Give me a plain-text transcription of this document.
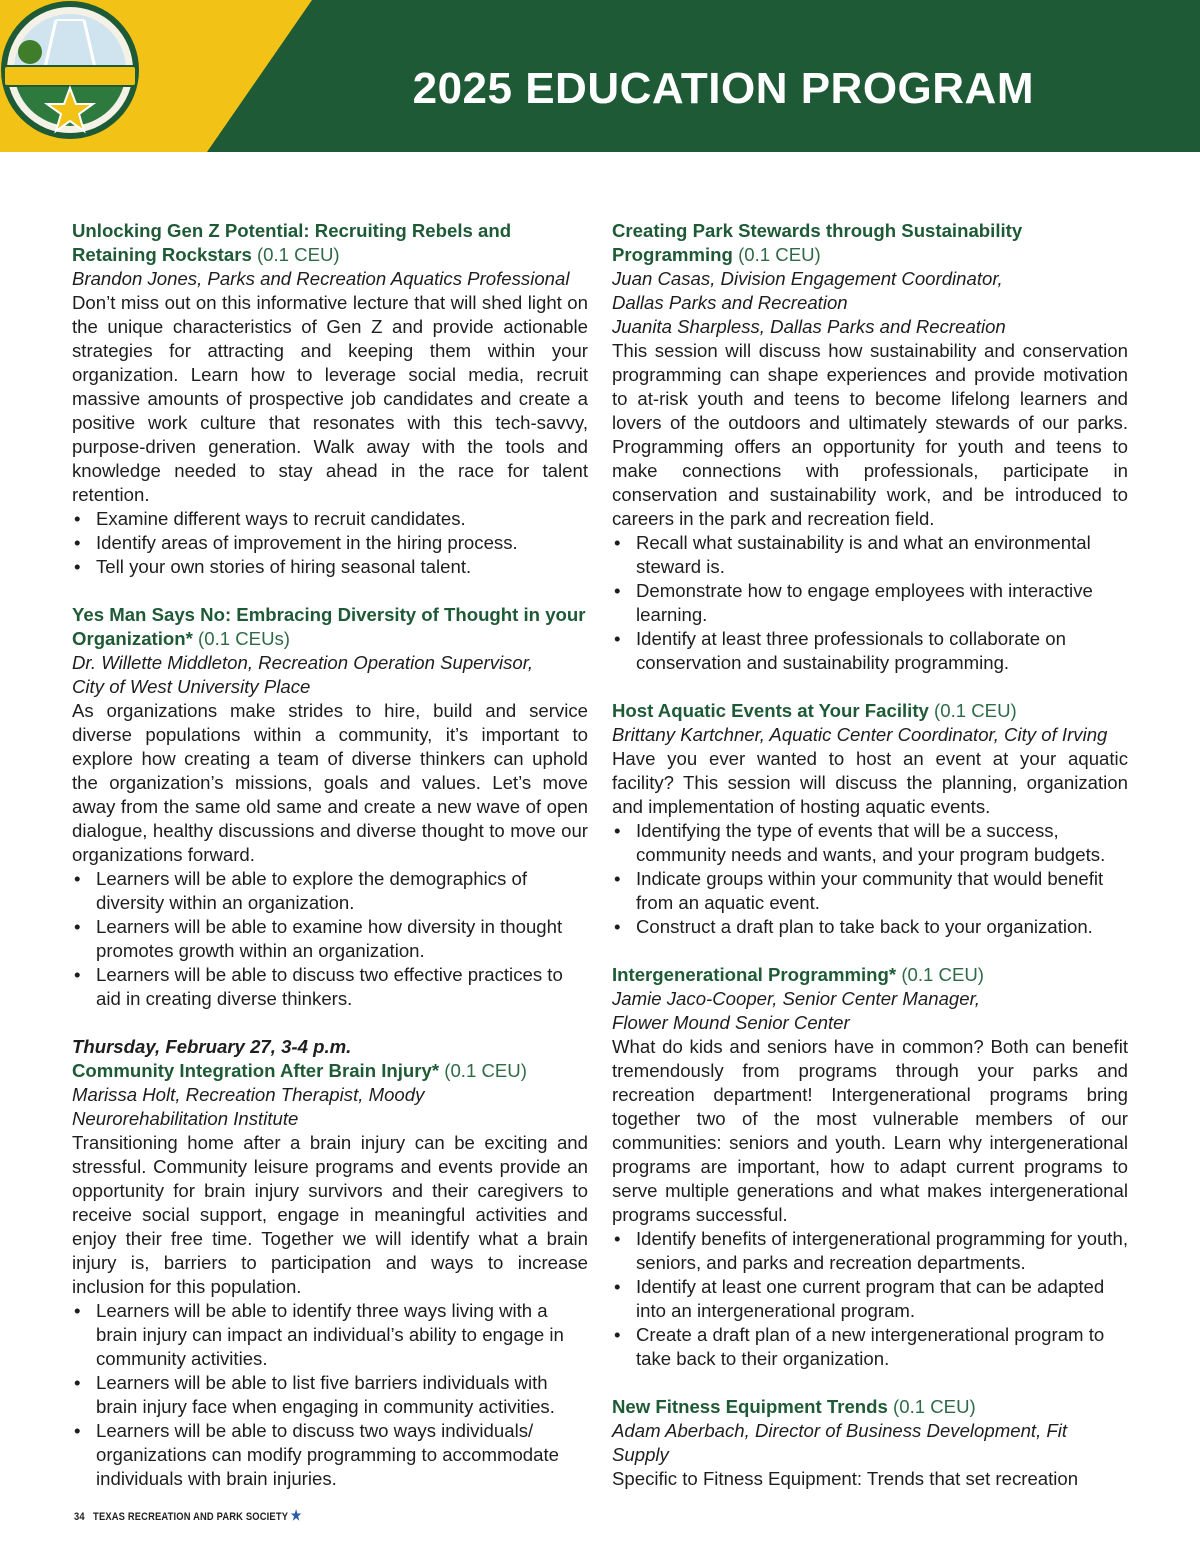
2025 EDUCATION PROGRAM
Unlocking Gen Z Potential: Recruiting Rebels and Retaining Rockstars (0.1 CEU)

Brandon Jones, Parks and Recreation Aquatics Professional

Don’t miss out on this informative lecture that will shed light on the unique characteristics of Gen Z and provide actionable strategies for attracting and keeping them within your organization. Learn how to leverage social media, recruit massive amounts of prospective job candidates and create a positive work culture that resonates with this tech-savvy, purpose-driven generation. Walk away with the tools and knowledge needed to stay ahead in the race for talent retention.

• Examine different ways to recruit candidates.
• Identify areas of improvement in the hiring process.
• Tell your own stories of hiring seasonal talent.
Yes Man Says No: Embracing Diversity of Thought in your Organization* (0.1 CEUs)

Dr. Willette Middleton, Recreation Operation Supervisor,

City of West University Place

As organizations make strides to hire, build and service diverse populations within a community, it’s important to explore how creating a team of diverse thinkers can uphold the organization’s missions, goals and values. Let’s move away from the same old same and create a new wave of open dialogue, healthy discussions and diverse thought to move our organizations forward.

• Learners will be able to explore the demographics of diversity within an organization.
• Learners will be able to examine how diversity in thought promotes growth within an organization.
• Learners will be able to discuss two effective practices to aid in creating diverse thinkers.

Thursday, February 27, 3-4 p.m.

Community Integration After Brain Injury* (0.1 CEU)

Marissa Holt, Recreation Therapist, Moody

Neurorehabilitation Institute

Transitioning home after a brain injury can be exciting and stressful. Community leisure programs and events provide an opportunity for brain injury survivors and their caregivers to receive social support, engage in meaningful activities and enjoy their free time. Together we will identify what a brain injury is, barriers to participation and ways to increase inclusion for this population.

• Learners will be able to identify three ways living with a brain injury can impact an individual’s ability to engage in community activities.
• Learners will be able to list five barriers individuals with brain injury face when engaging in community activities.
• Learners will be able to discuss two ways individuals/ organizations can modify programming to accommodate individuals with brain injuries.
Creating Park Stewards through Sustainability Programming (0.1 CEU)

Juan Casas, Division Engagement Coordinator,

Dallas Parks and Recreation

Juanita Sharpless, Dallas Parks and Recreation

This session will discuss how sustainability and conservation programming can shape experiences and provide motivation to at-risk youth and teens to become lifelong learners and lovers of the outdoors and ultimately stewards of our parks. Programming offers an opportunity for youth and teens to make connections with professionals, participate in conservation and sustainability work, and be introduced to careers in the park and recreation field.

• Recall what sustainability is and what an environmental steward is.
• Demonstrate how to engage employees with interactive learning.
• Identify at least three professionals to collaborate on conservation and sustainability programming.
Host Aquatic Events at Your Facility (0.1 CEU)

Brittany Kartchner, Aquatic Center Coordinator, City of Irving

Have you ever wanted to host an event at your aquatic facility? This session will discuss the planning, organization and implementation of hosting aquatic events.

• Identifying the type of events that will be a success, community needs and wants, and your program budgets.
• Indicate groups within your community that would benefit from an aquatic event.
• Construct a draft plan to take back to your organization.
Intergenerational Programming* (0.1 CEU)

Jamie Jaco-Cooper, Senior Center Manager,

Flower Mound Senior Center

What do kids and seniors have in common? Both can benefit tremendously from programs through your parks and recreation department! Intergenerational programs bring together two of the most vulnerable members of our communities: seniors and youth. Learn why intergenerational programs are important, how to adapt current programs to serve multiple generations and what makes intergenerational programs successful.

• Identify benefits of intergenerational programming for youth, seniors, and parks and recreation departments.
• Identify at least one current program that can be adapted into an intergenerational program.
• Create a draft plan of a new intergenerational program to take back to their organization.
New Fitness Equipment Trends (0.1 CEU)

Adam Aberbach, Director of Business Development, Fit Supply

Specific to Fitness Equipment: Trends that set recreation

34 TEXAS RECREATION AND PARK SOCIETY ★
